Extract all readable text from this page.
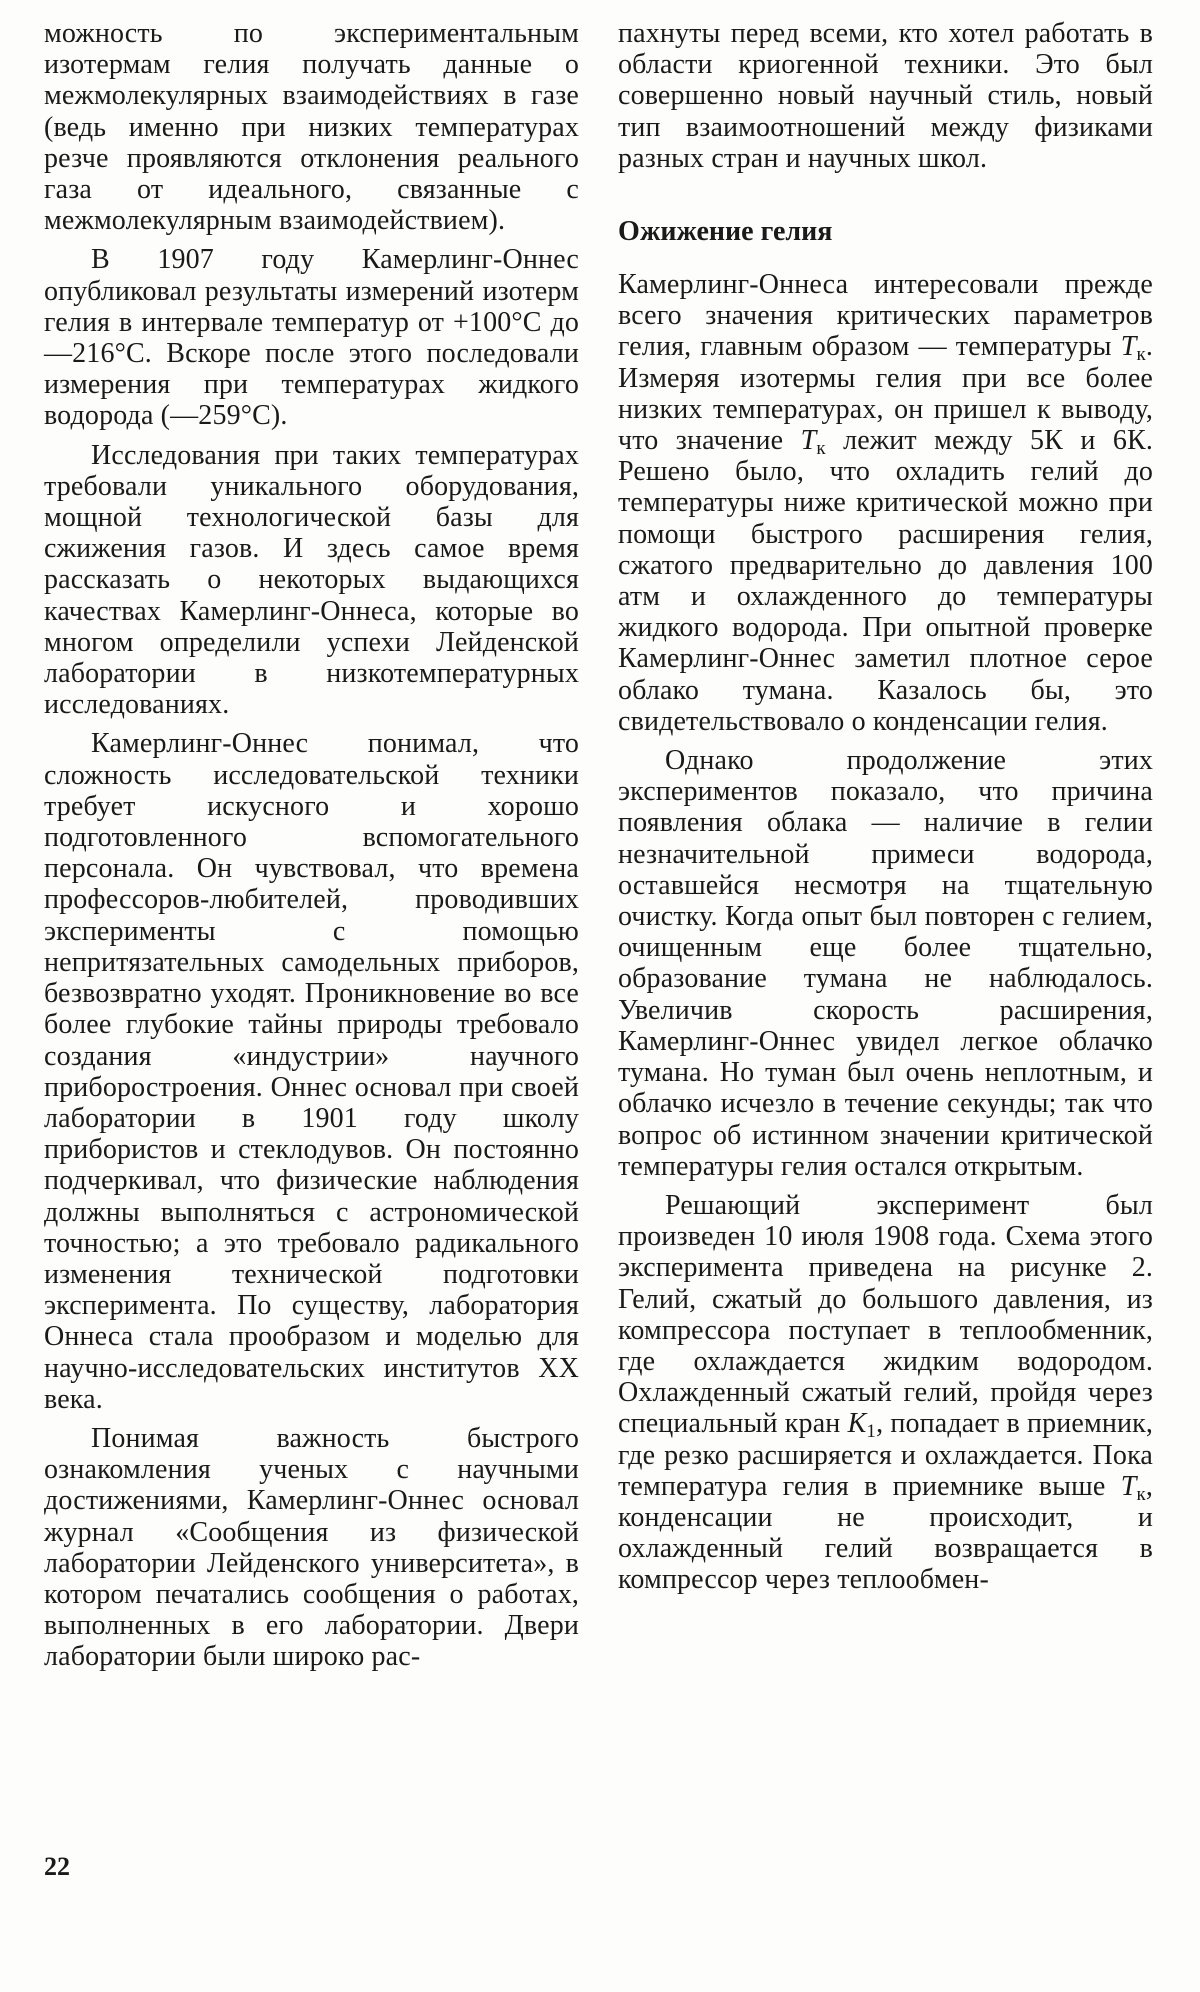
можность по экспериментальным изотермам гелия получать данные о межмолекулярных взаимодействиях в газе (ведь именно при низких температурах резче проявляются отклонения реального газа от идеального, связанные с межмолекулярным взаимодействием).

В 1907 году Камерлинг-Оннес опубликовал результаты измерений изотерм гелия в интервале температур от +100°С до —216°С. Вскоре после этого последовали измерения при температурах жидкого водорода (—259°С).

Исследования при таких температурах требовали уникального оборудования, мощной технологической базы для сжижения газов. И здесь самое время рассказать о некоторых выдающихся качествах Камерлинг-Оннеса, которые во многом определили успехи Лейденской лаборатории в низкотемпературных исследованиях.

Камерлинг-Оннес понимал, что сложность исследовательской техники требует искусного и хорошо подготовленного вспомогательного персонала. Он чувствовал, что времена профессоров-любителей, проводивших эксперименты с помощью непритязательных самодельных приборов, безвозвратно уходят. Проникновение во все более глубокие тайны природы требовало создания «индустрии» научного приборостроения. Оннес основал при своей лаборатории в 1901 году школу прибористов и стеклодувов. Он постоянно подчеркивал, что физические наблюдения должны выполняться с астрономической точностью; а это требовало радикального изменения технической подготовки эксперимента. По существу, лаборатория Оннеса стала прообразом и моделью для научно-исследовательских институтов XX века.

Понимая важность быстрого ознакомления ученых с научными достижениями, Камерлинг-Оннес основал журнал «Сообщения из физической лаборатории Лейденского университета», в котором печатались сообщения о работах, выполненных в его лаборатории. Двери лаборатории были широко рас-

пахнуты перед всеми, кто хотел работать в области криогенной техники. Это был совершенно новый научный стиль, новый тип взаимоотношений между физиками разных стран и научных школ.

Ожижение гелия

Камерлинг-Оннеса интересовали прежде всего значения критических параметров гелия, главным образом — температуры $T_к$. Измеряя изотермы гелия при все более низких температурах, он пришел к выводу, что значение $T_к$ лежит между 5К и 6К. Решено было, что охладить гелий до температуры ниже критической можно при помощи быстрого расширения гелия, сжатого предварительно до давления 100 атм и охлажденного до температуры жидкого водорода. При опытной проверке Камерлинг-Оннес заметил плотное серое облако тумана. Казалось бы, это свидетельствовало о конденсации гелия.

Однако продолжение этих экспериментов показало, что причина появления облака — наличие в гелии незначительной примеси водорода, оставшейся несмотря на тщательную очистку. Когда опыт был повторен с гелием, очищенным еще более тщательно, образование тумана не наблюдалось. Увеличив скорость расширения, Камерлинг-Оннес увидел легкое облачко тумана. Но туман был очень неплотным, и облачко исчезло в течение секунды; так что вопрос об истинном значении критической температуры гелия остался открытым.

Решающий эксперимент был произведен 10 июля 1908 года. Схема этого эксперимента приведена на рисунке 2. Гелий, сжатый до большого давления, из компрессора поступает в теплообменник, где охлаждается жидким водородом. Охлажденный сжатый гелий, пройдя через специальный кран $K_1$, попадает в приемник, где резко расширяется и охлаждается. Пока температура гелия в приемнике выше $T_к$, конденсации не происходит, и охлажденный гелий возвращается в компрессор через теплообмен-

22
